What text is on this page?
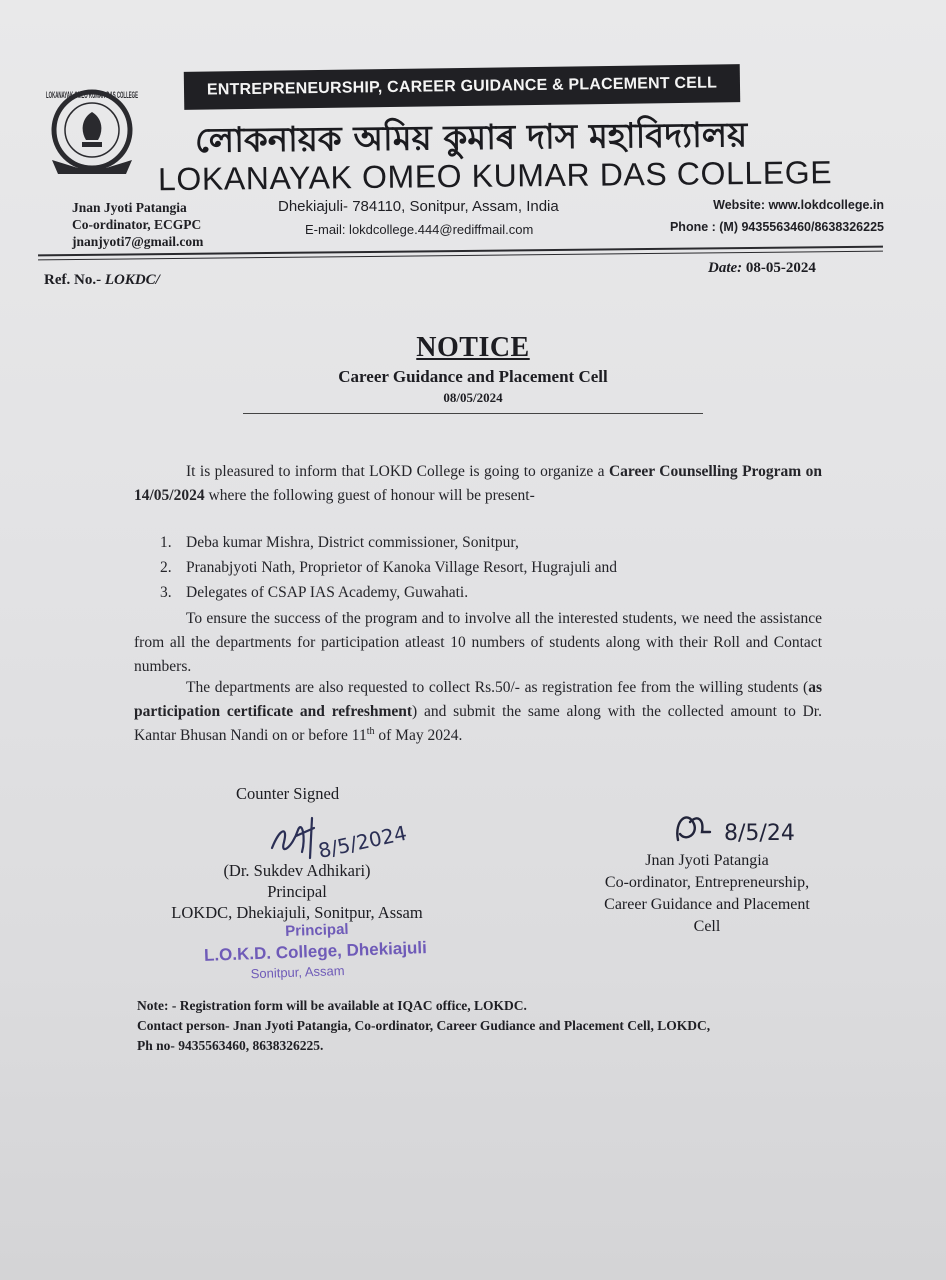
LOKANAYAK OMEO KUMAR DAS COLLEGE	ENTREPRENEURSHIP, CAREER GUIDANCE & PLACEMENT CELL
লোকনায়ক অমিয় কুমাৰ দাস মহাবিদ্যালয়
LOKANAYAK OMEO KUMAR DAS COLLEGE
Jnan Jyoti Patangia
Co-ordinator, ECGPC
jnanjyoti7@gmail.com
Dhekiajuli- 784110, Sonitpur, Assam, India
E-mail: lokdcollege.444@rediffmail.com
Website: www.lokdcollege.in
Phone : (M) 9435563460/8638326225
Ref. No.- LOKDC/
Date: 08-05-2024
NOTICE
Career Guidance and Placement Cell
08/05/2024
It is pleasured to inform that LOKD College is going to organize a Career Counselling Program on 14/05/2024 where the following guest of honour will be present-
1. Deba kumar Mishra, District commissioner, Sonitpur,
2. Pranabjyoti Nath, Proprietor of Kanoka Village Resort, Hugrajuli and
3. Delegates of CSAP IAS Academy, Guwahati.
To ensure the success of the program and to involve all the interested students, we need the assistance from all the departments for participation atleast 10 numbers of students along with their Roll and Contact numbers.
The departments are also requested to collect Rs.50/- as registration fee from the willing students (as participation certificate and refreshment) and submit the same along with the collected amount to Dr. Kantar Bhusan Nandi on or before 11th of May 2024.
Counter Signed
8/5/2024
(Dr. Sukdev Adhikari)
Principal
LOKDC, Dhekiajuli, Sonitpur, Assam
Principal
L.O.K.D. College, Dhekiajuli
Sonitpur, Assam
8/5/24
Jnan Jyoti Patangia
Co-ordinator, Entrepreneurship,
Career Guidance and Placement
Cell
Note: - Registration form will be available at IQAC office, LOKDC.
Contact person- Jnan Jyoti Patangia, Co-ordinator, Career Gudiance and Placement Cell, LOKDC,
Ph no- 9435563460, 8638326225.
